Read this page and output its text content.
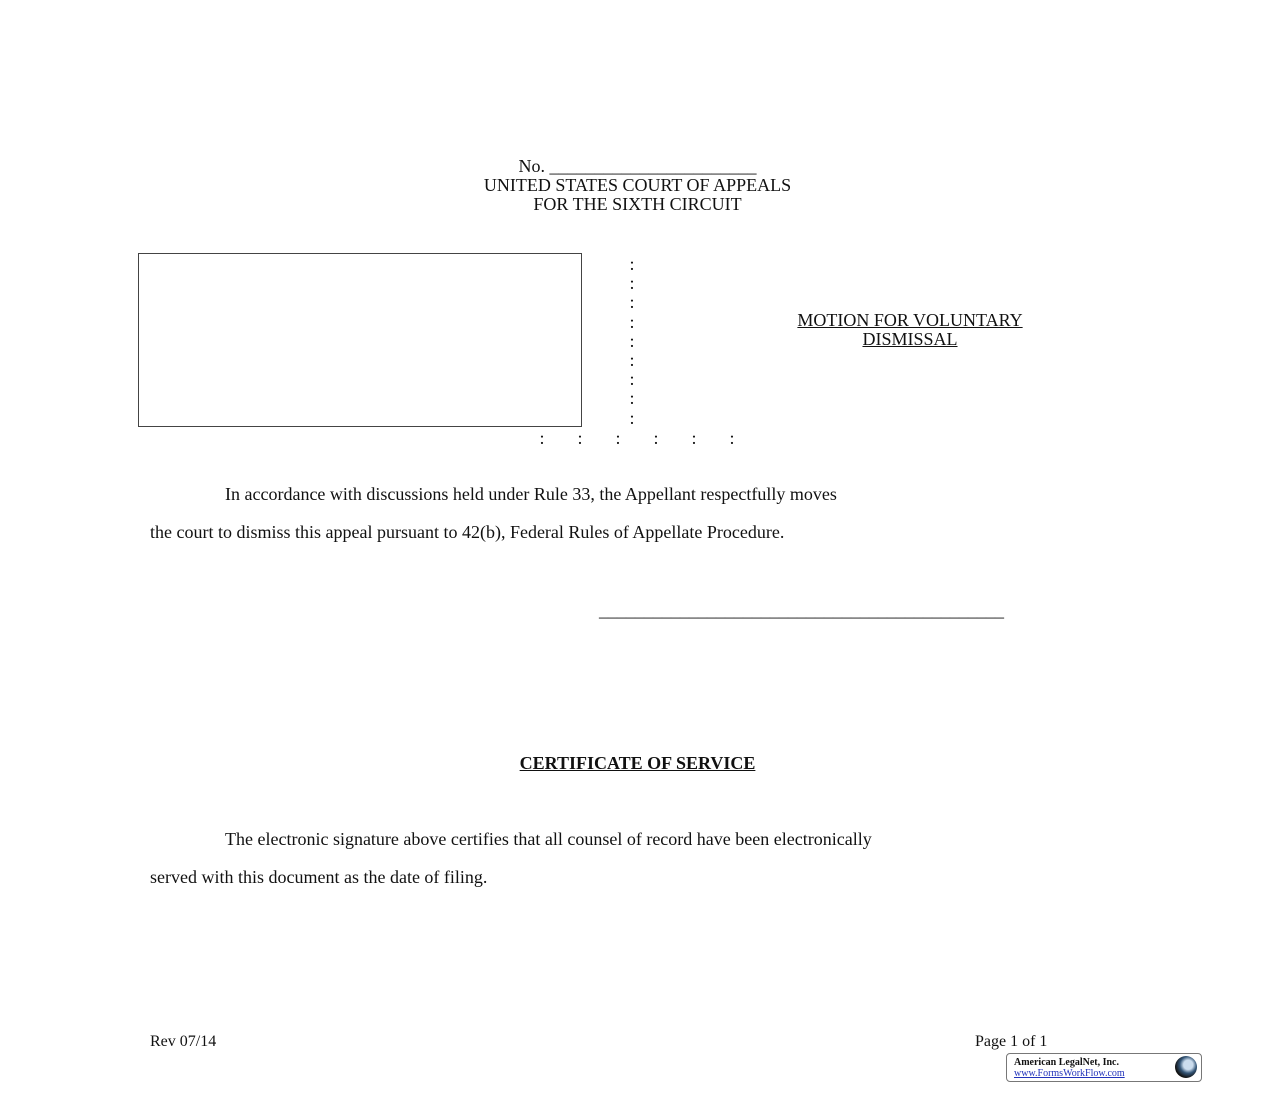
No. _______________________
UNITED STATES COURT OF APPEALS
FOR THE SIXTH CIRCUIT
:
:
:
:
:
:
:
:
:
: : : : : :
MOTION FOR VOLUNTARY
DISMISSAL
In accordance with discussions held under Rule 33, the Appellant respectfully moves
the court to dismiss this appeal pursuant to 42(b), Federal Rules of Appellate Procedure.
_____________________________________________
CERTIFICATE OF SERVICE
The electronic signature above certifies that all counsel of record have been electronically
served with this document as the date of filing.
Rev 07/14	Page 1 of 1
American LegalNet, Inc.
www.FormsWorkFlow.com
